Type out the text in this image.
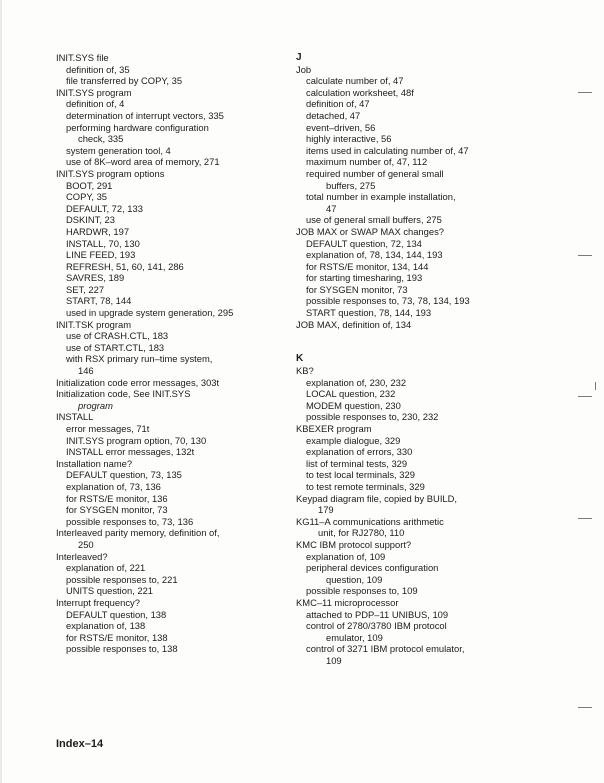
INIT.SYS file
definition of, 35
file transferred by COPY, 35
INIT.SYS program
definition of, 4
determination of interrupt vectors, 335
performing hardware configuration
check, 335
system generation tool, 4
use of 8K–word area of memory, 271
INIT.SYS program options
BOOT, 291
COPY, 35
DEFAULT, 72, 133
DSKINT, 23
HARDWR, 197
INSTALL, 70, 130
LINE FEED, 193
REFRESH, 51, 60, 141, 286
SAVRES, 189
SET, 227
START, 78, 144
used in upgrade system generation, 295
INIT.TSK program
use of CRASH.CTL, 183
use of START.CTL, 183
with RSX primary run–time system,
146
Initialization code error messages, 303t
Initialization code, See INIT.SYS
program
INSTALL
error messages, 71t
INIT.SYS program option, 70, 130
INSTALL error messages, 132t
Installation name?
DEFAULT question, 73, 135
explanation of, 73, 136
for RSTS/E monitor, 136
for SYSGEN monitor, 73
possible responses to, 73, 136
Interleaved parity memory, definition of,
250
Interleaved?
explanation of, 221
possible responses to, 221
UNITS question, 221
Interrupt frequency?
DEFAULT question, 138
explanation of, 138
for RSTS/E monitor, 138
possible responses to, 138
J
Job
calculate number of, 47
calculation worksheet, 48f
definition of, 47
detached, 47
event–driven, 56
highly interactive, 56
items used in calculating number of, 47
maximum number of, 47, 112
required number of general small
buffers, 275
total number in example installation,
47
use of general small buffers, 275
JOB MAX or SWAP MAX changes?
DEFAULT question, 72, 134
explanation of, 78, 134, 144, 193
for RSTS/E monitor, 134, 144
for starting timesharing, 193
for SYSGEN monitor, 73
possible responses to, 73, 78, 134, 193
START question, 78, 144, 193
JOB MAX, definition of, 134
K
KB?
explanation of, 230, 232
LOCAL question, 232
MODEM question, 230
possible responses to, 230, 232
KBEXER program
example dialogue, 329
explanation of errors, 330
list of terminal tests, 329
to test local terminals, 329
to test remote terminals, 329
Keypad diagram file, copied by BUILD,
179
KG11–A communications arithmetic
unit, for RJ2780, 110
KMC IBM protocol support?
explanation of, 109
peripheral devices configuration
question, 109
possible responses to, 109
KMC–11 microprocessor
attached to PDP–11 UNIBUS, 109
control of 2780/3780 IBM protocol
emulator, 109
control of 3271 IBM protocol emulator,
109
Index–14
